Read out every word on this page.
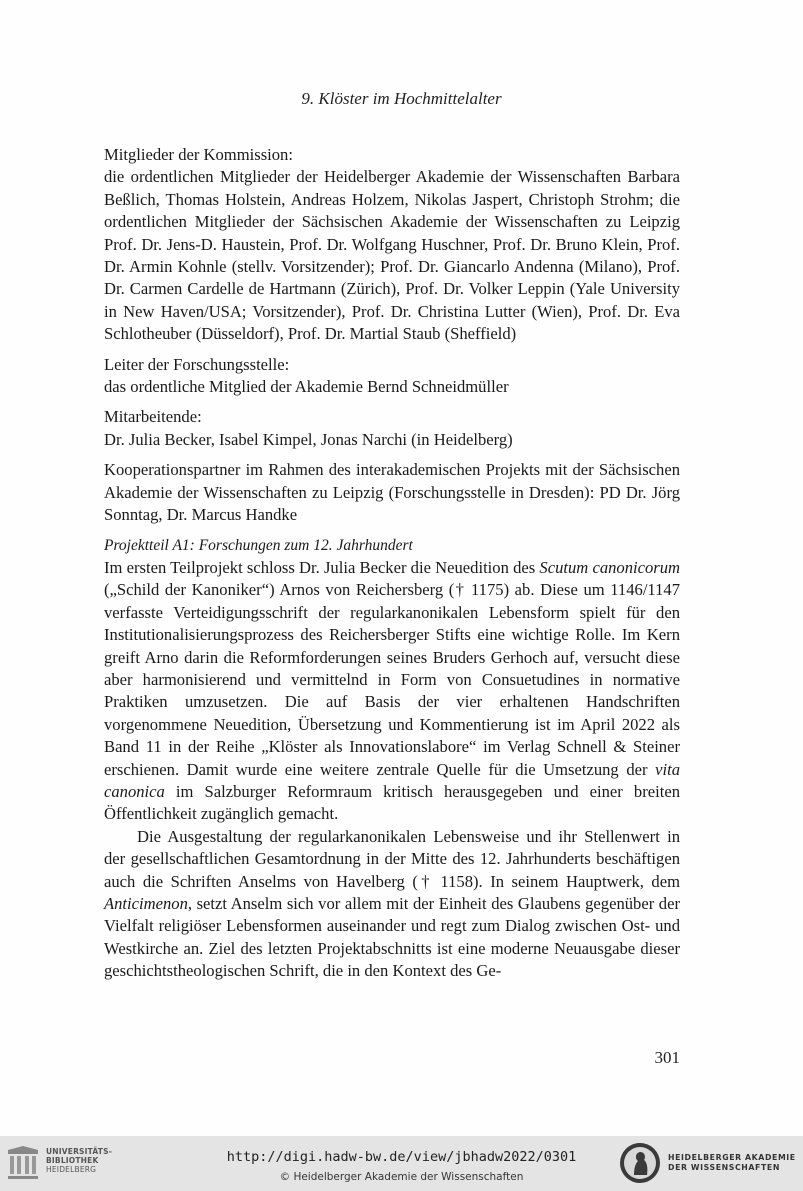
9. Klöster im Hochmittelalter

Mitglieder der Kommission:

die ordentlichen Mitglieder der Heidelberger Akademie der Wissenschaften Barbara Beßlich, Thomas Holstein, Andreas Holzem, Nikolas Jaspert, Christoph Strohm; die ordentlichen Mitglieder der Sächsischen Akademie der Wissenschaften zu Leipzig Prof. Dr. Jens-D. Haustein, Prof. Dr. Wolfgang Huschner, Prof. Dr. Bruno Klein, Prof. Dr. Armin Kohnle (stellv. Vorsitzender); Prof. Dr. Giancarlo Andenna (Milano), Prof. Dr. Carmen Cardelle de Hartmann (Zürich), Prof. Dr. Volker Leppin (Yale University in New Haven/USA; Vorsitzender), Prof. Dr. Christina Lutter (Wien), Prof. Dr. Eva Schlotheuber (Düsseldorf), Prof. Dr. Martial Staub (Sheffield)

Leiter der Forschungsstelle:

das ordentliche Mitglied der Akademie Bernd Schneidmüller

Mitarbeitende:

Dr. Julia Becker, Isabel Kimpel, Jonas Narchi (in Heidelberg)

Kooperationspartner im Rahmen des interakademischen Projekts mit der Sächsischen Akademie der Wissenschaften zu Leipzig (Forschungsstelle in Dresden): PD Dr. Jörg Sonntag, Dr. Marcus Handke

Projektteil A1: Forschungen zum 12. Jahrhundert

Im ersten Teilprojekt schloss Dr. Julia Becker die Neuedition des Scutum canonicorum („Schild der Kanoniker“) Arnos von Reichersberg († 1175) ab. Diese um 1146/1147 verfasste Verteidigungsschrift der regularkanonikalen Lebensform spielt für den Institutionalisierungsprozess des Reichersberger Stifts eine wichtige Rolle. Im Kern greift Arno darin die Reformforderungen seines Bruders Gerhoch auf, versucht diese aber harmonisierend und vermittelnd in Form von Consuetudines in normative Praktiken umzusetzen. Die auf Basis der vier erhaltenen Handschriften vorgenommene Neuedition, Übersetzung und Kommentierung ist im April 2022 als Band 11 in der Reihe „Klöster als Innovationslabore“ im Verlag Schnell & Steiner erschienen. Damit wurde eine weitere zentrale Quelle für die Umsetzung der vita canonica im Salzburger Reformraum kritisch herausgegeben und einer breiten Öffentlichkeit zugänglich gemacht.

Die Ausgestaltung der regularkanonikalen Lebensweise und ihr Stellenwert in der gesellschaftlichen Gesamtordnung in der Mitte des 12. Jahrhunderts beschäftigen auch die Schriften Anselms von Havelberg († 1158). In seinem Hauptwerk, dem Anticimenon, setzt Anselm sich vor allem mit der Einheit des Glaubens gegenüber der Vielfalt religiöser Lebensformen auseinander und regt zum Dialog zwischen Ost- und Westkirche an. Ziel des letzten Projektabschnitts ist eine moderne Neuausgabe dieser geschichtstheologischen Schrift, die in den Kontext des Ge-

301
UNIVERSITÄTS-
BIBLIOTHEK
HEIDELBERG
http://digi.hadw-bw.de/view/jbhadw2022/0301
© Heidelberger Akademie der Wissenschaften
HEIDELBERGER AKADEMIE
DER WISSENSCHAFTEN
